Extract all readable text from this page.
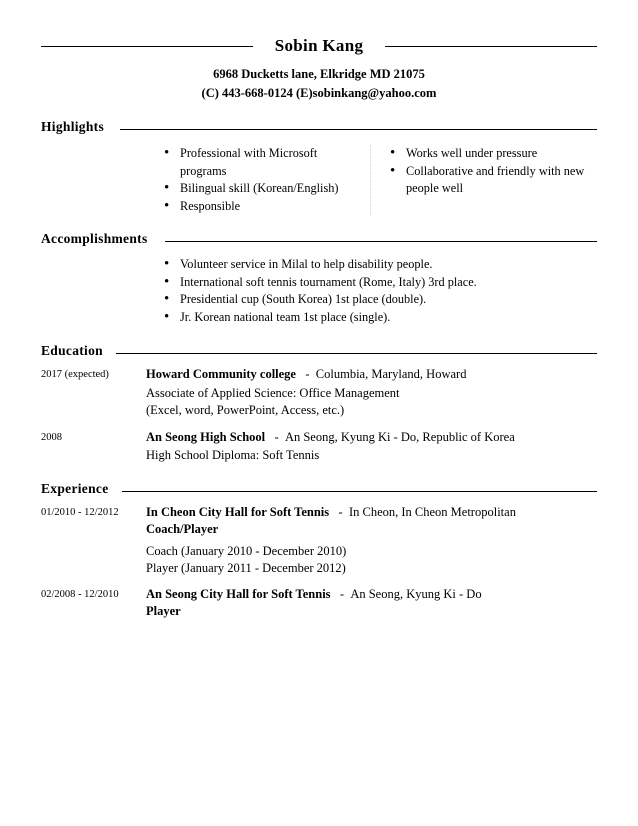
Sobin Kang
6968 Ducketts lane, Elkridge MD 21075
(C) 443-668-0124 (E)sobinkang@yahoo.com
Highlights
• Professional with Microsoft programs
• Bilingual skill (Korean/English)
• Responsible
• Works well under pressure
• Collaborative and friendly with new people well
Accomplishments
• Volunteer service in Milal to help disability people.
• International soft tennis tournament (Rome, Italy) 3rd place.
• Presidential cup (South Korea) 1st place (double).
• Jr. Korean national team 1st place (single).
Education
2017 (expected)	Howard Community college   -  Columbia, Maryland, Howard
Associate of Applied Science: Office Management
(Excel, word, PowerPoint, Access, etc.)
2008	An Seong High School   -  An Seong, Kyung Ki - Do, Republic of Korea
High School Diploma: Soft Tennis
Experience
01/2010 - 12/2012 In Cheon City Hall for Soft Tennis   -  In Cheon, In Cheon Metropolitan
Coach/Player
Coach (January 2010 - December 2010)
Player (January 2011 - December 2012)
02/2008 - 12/2010 An Seong City Hall for Soft Tennis   -  An Seong, Kyung Ki - Do
Player
